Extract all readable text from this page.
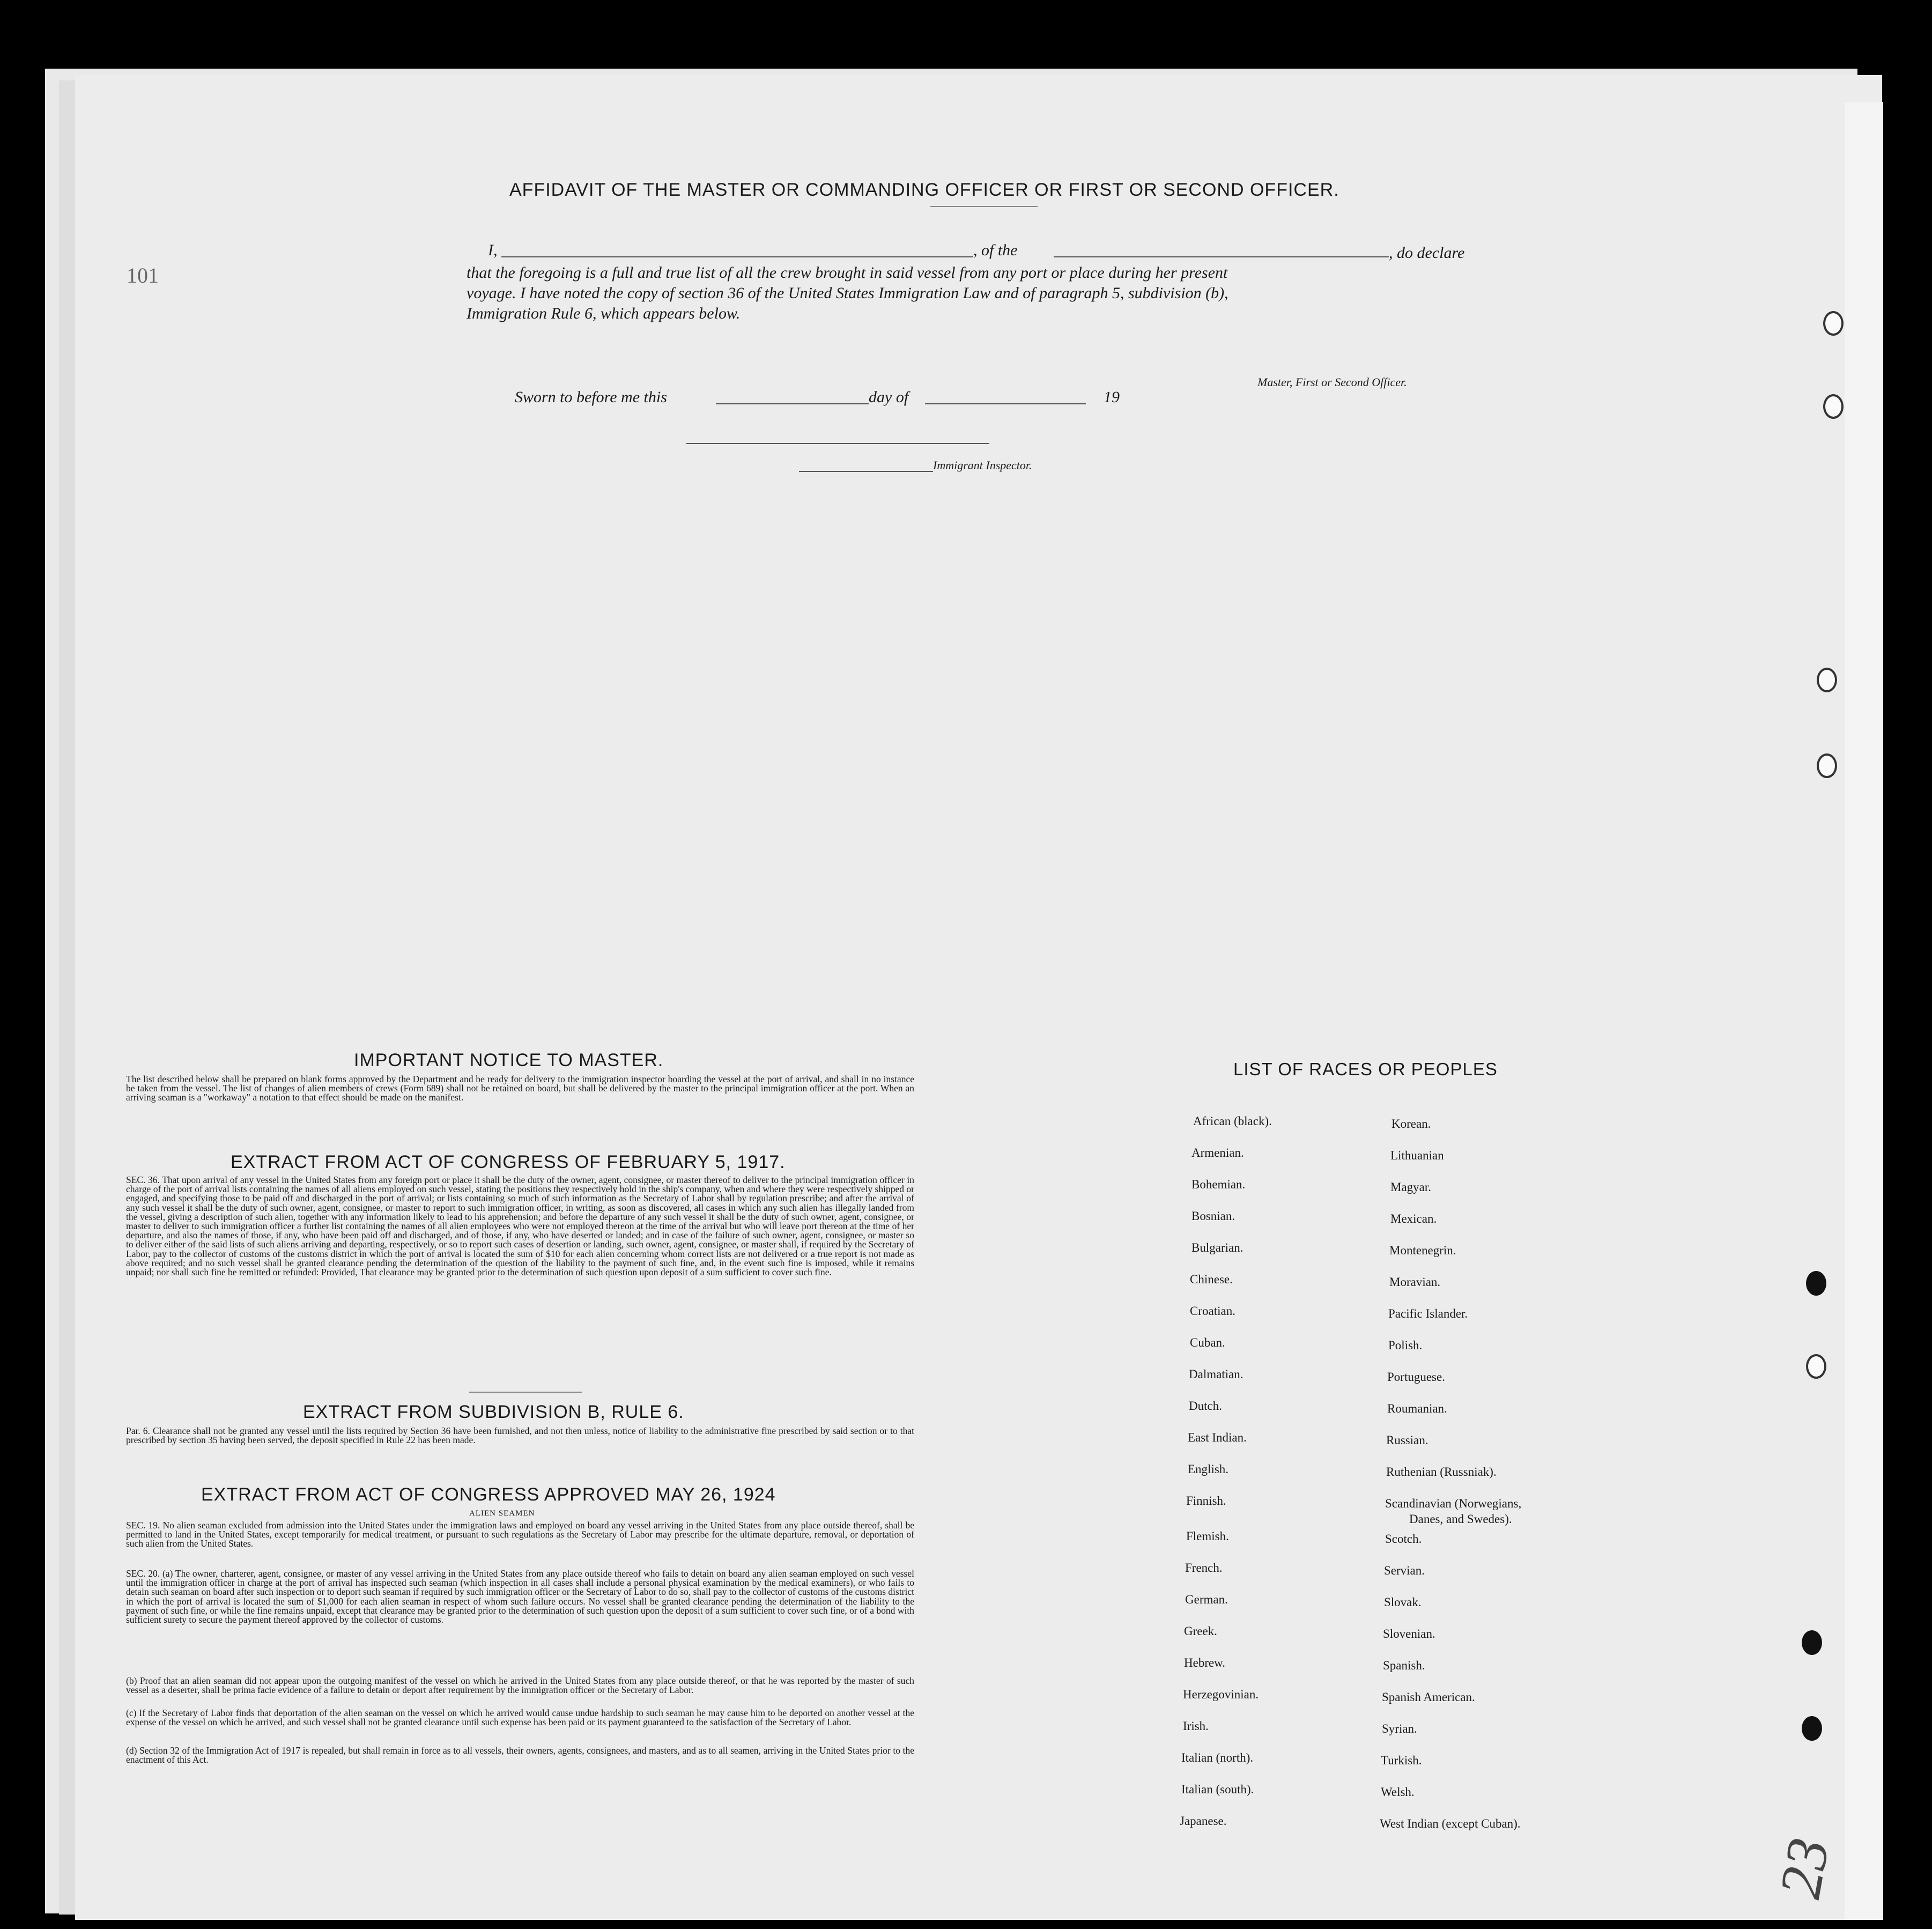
101
23
AFFIDAVIT OF THE MASTER OR COMMANDING OFFICER OR FIRST OR SECOND OFFICER.
I,	, of the	, do declare
that the foregoing is a full and true list of all the crew brought in said vessel from any port or place during her present
voyage. I have noted the copy of section 36 of the United States Immigration Law and of paragraph 5, subdivision (b),
Immigration Rule 6, which appears below.
Master, First or Second Officer.
Sworn to before me this	day of	19
Immigrant Inspector.
IMPORTANT NOTICE TO MASTER.
The list described below shall be prepared on blank forms approved by the Department and be ready for delivery to the immigration inspector boarding the vessel at the port of arrival, and shall in no instance be taken from the vessel. The list of changes of alien members of crews (Form 689) shall not be retained on board, but shall be delivered by the master to the principal immigration officer at the port. When an arriving seaman is a "workaway" a notation to that effect should be made on the manifest.
EXTRACT FROM ACT OF CONGRESS OF FEBRUARY 5, 1917.
SEC. 36. That upon arrival of any vessel in the United States from any foreign port or place it shall be the duty of the owner, agent, consignee, or master thereof to deliver to the principal immigration officer in charge of the port of arrival lists containing the names of all aliens employed on such vessel, stating the positions they respectively hold in the ship's company, when and where they were respectively shipped or engaged, and specifying those to be paid off and discharged in the port of arrival; or lists containing so much of such information as the Secretary of Labor shall by regulation prescribe; and after the arrival of any such vessel it shall be the duty of such owner, agent, consignee, or master to report to such immigration officer, in writing, as soon as discovered, all cases in which any such alien has illegally landed from the vessel, giving a description of such alien, together with any information likely to lead to his apprehension; and before the departure of any such vessel it shall be the duty of such owner, agent, consignee, or master to deliver to such immigration officer a further list containing the names of all alien employees who were not employed thereon at the time of the arrival but who will leave port thereon at the time of her departure, and also the names of those, if any, who have been paid off and discharged, and of those, if any, who have deserted or landed; and in case of the failure of such owner, agent, consignee, or master so to deliver either of the said lists of such aliens arriving and departing, respectively, or so to report such cases of desertion or landing, such owner, agent, consignee, or master shall, if required by the Secretary of Labor, pay to the collector of customs of the customs district in which the port of arrival is located the sum of $10 for each alien concerning whom correct lists are not delivered or a true report is not made as above required; and no such vessel shall be granted clearance pending the determination of the question of the liability to the payment of such fine, and, in the event such fine is imposed, while it remains unpaid; nor shall such fine be remitted or refunded: Provided, That clearance may be granted prior to the determination of such question upon deposit of a sum sufficient to cover such fine.
EXTRACT FROM SUBDIVISION B, RULE 6.
Par. 6. Clearance shall not be granted any vessel until the lists required by Section 36 have been furnished, and not then unless, notice of liability to the administrative fine prescribed by said section or to that prescribed by section 35 having been served, the deposit specified in Rule 22 has been made.
EXTRACT FROM ACT OF CONGRESS APPROVED MAY 26, 1924
ALIEN SEAMEN
SEC. 19. No alien seaman excluded from admission into the United States under the immigration laws and employed on board any vessel arriving in the United States from any place outside thereof, shall be permitted to land in the United States, except temporarily for medical treatment, or pursuant to such regulations as the Secretary of Labor may prescribe for the ultimate departure, removal, or deportation of such alien from the United States.
SEC. 20. (a) The owner, charterer, agent, consignee, or master of any vessel arriving in the United States from any place outside thereof who fails to detain on board any alien seaman employed on such vessel until the immigration officer in charge at the port of arrival has inspected such seaman (which inspection in all cases shall include a personal physical examination by the medical examiners), or who fails to detain such seaman on board after such inspection or to deport such seaman if required by such immigration officer or the Secretary of Labor to do so, shall pay to the collector of customs of the customs district in which the port of arrival is located the sum of $1,000 for each alien seaman in respect of whom such failure occurs. No vessel shall be granted clearance pending the determination of the liability to the payment of such fine, or while the fine remains unpaid, except that clearance may be granted prior to the determination of such question upon the deposit of a sum sufficient to cover such fine, or of a bond with sufficient surety to secure the payment thereof approved by the collector of customs.
(b) Proof that an alien seaman did not appear upon the outgoing manifest of the vessel on which he arrived in the United States from any place outside thereof, or that he was reported by the master of such vessel as a deserter, shall be prima facie evidence of a failure to detain or deport after requirement by the immigration officer or the Secretary of Labor.
(c) If the Secretary of Labor finds that deportation of the alien seaman on the vessel on which he arrived would cause undue hardship to such seaman he may cause him to be deported on another vessel at the expense of the vessel on which he arrived, and such vessel shall not be granted clearance until such expense has been paid or its payment guaranteed to the satisfaction of the Secretary of Labor.
(d) Section 32 of the Immigration Act of 1917 is repealed, but shall remain in force as to all vessels, their owners, agents, consignees, and masters, and as to all seamen, arriving in the United States prior to the enactment of this Act.
LIST OF RACES OR PEOPLES
African (black).
Armenian.
Bohemian.
Bosnian.
Bulgarian.
Chinese.
Croatian.
Cuban.
Dalmatian.
Dutch.
East Indian.
English.
Finnish.
Flemish.
French.
German.
Greek.
Hebrew.
Herzegovinian.
Irish.
Italian (north).
Italian (south).
Japanese.
Korean.
Lithuanian
Magyar.
Mexican.
Montenegrin.
Moravian.
Pacific Islander.
Polish.
Portuguese.
Roumanian.
Russian.
Ruthenian (Russniak).
Scandinavian (Norwegians,
Danes, and Swedes).
Scotch.
Servian.
Slovak.
Slovenian.
Spanish.
Spanish American.
Syrian.
Turkish.
Welsh.
West Indian (except Cuban).
